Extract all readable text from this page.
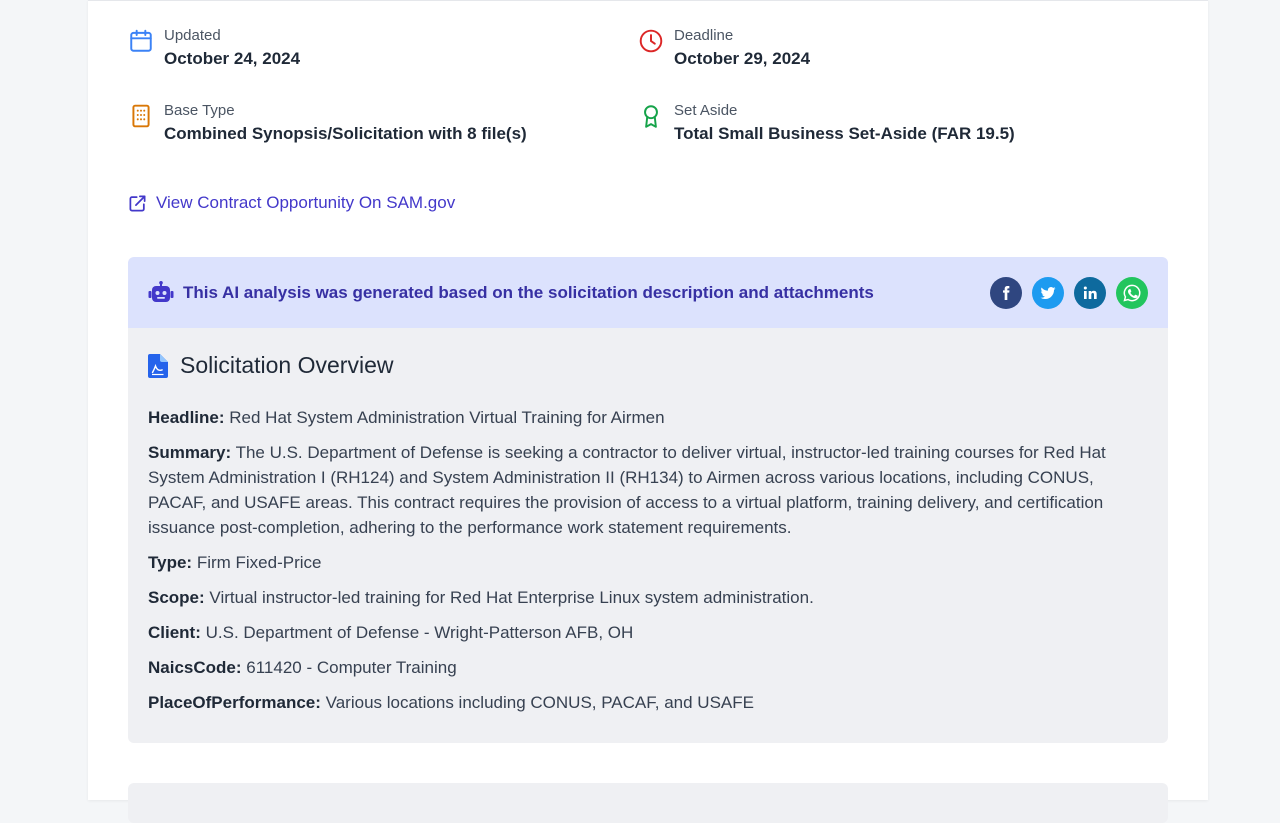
Updated
October 24, 2024
Deadline
October 29, 2024
Base Type
Combined Synopsis/Solicitation with 8 file(s)
Set Aside
Total Small Business Set-Aside (FAR 19.5)
View Contract Opportunity On SAM.gov
This AI analysis was generated based on the solicitation description and attachments
Solicitation Overview

Headline: Red Hat System Administration Virtual Training for Airmen

Summary: The U.S. Department of Defense is seeking a contractor to deliver virtual, instructor-led training courses for Red Hat System Administration I (RH124) and System Administration II (RH134) to Airmen across various locations, including CONUS, PACAF, and USAFE areas. This contract requires the provision of access to a virtual platform, training delivery, and certification issuance post-completion, adhering to the performance work statement requirements.

Type: Firm Fixed-Price

Scope: Virtual instructor-led training for Red Hat Enterprise Linux system administration.

Client: U.S. Department of Defense - Wright-Patterson AFB, OH

NaicsCode: 611420 - Computer Training

PlaceOfPerformance: Various locations including CONUS, PACAF, and USAFE
